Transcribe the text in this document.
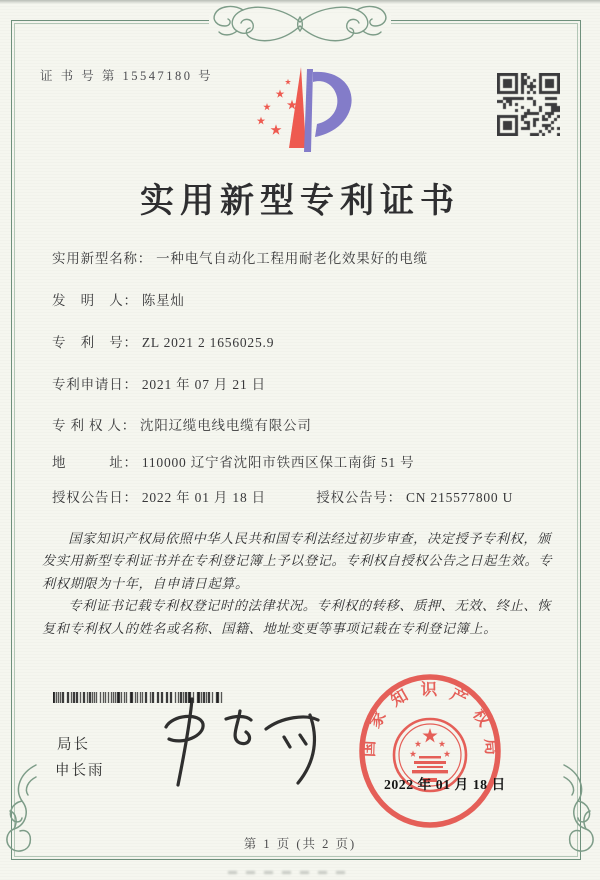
证 书 号 第 15547180 号
实用新型专利证书
实用新型名称： 一种电气自动化工程用耐老化效果好的电缆
发　明　人： 陈星灿
专　利　号： ZL 2021 2 1656025.9
专利申请日： 2021 年 07 月 21 日
专 利 权 人： 沈阳辽缆电线电缆有限公司
地　　　址： 110000 辽宁省沈阳市铁西区保工南街 51 号
授权公告日： 2022 年 01 月 18 日	授权公告号： CN 215577800 U

国家知识产权局依照中华人民共和国专利法经过初步审查，决定授予专利权，颁发实用新型专利证书并在专利登记簿上予以登记。专利权自授权公告之日起生效。专利权期限为十年，自申请日起算。

专利证书记载专利权登记时的法律状况。专利权的转移、质押、无效、终止、恢复和专利权人的姓名或名称、国籍、地址变更等事项记载在专利登记簿上。

局长
申长雨
国
家
知 识 产
权
局
2022 年 01 月 18 日
第 1 页 (共 2 页)
